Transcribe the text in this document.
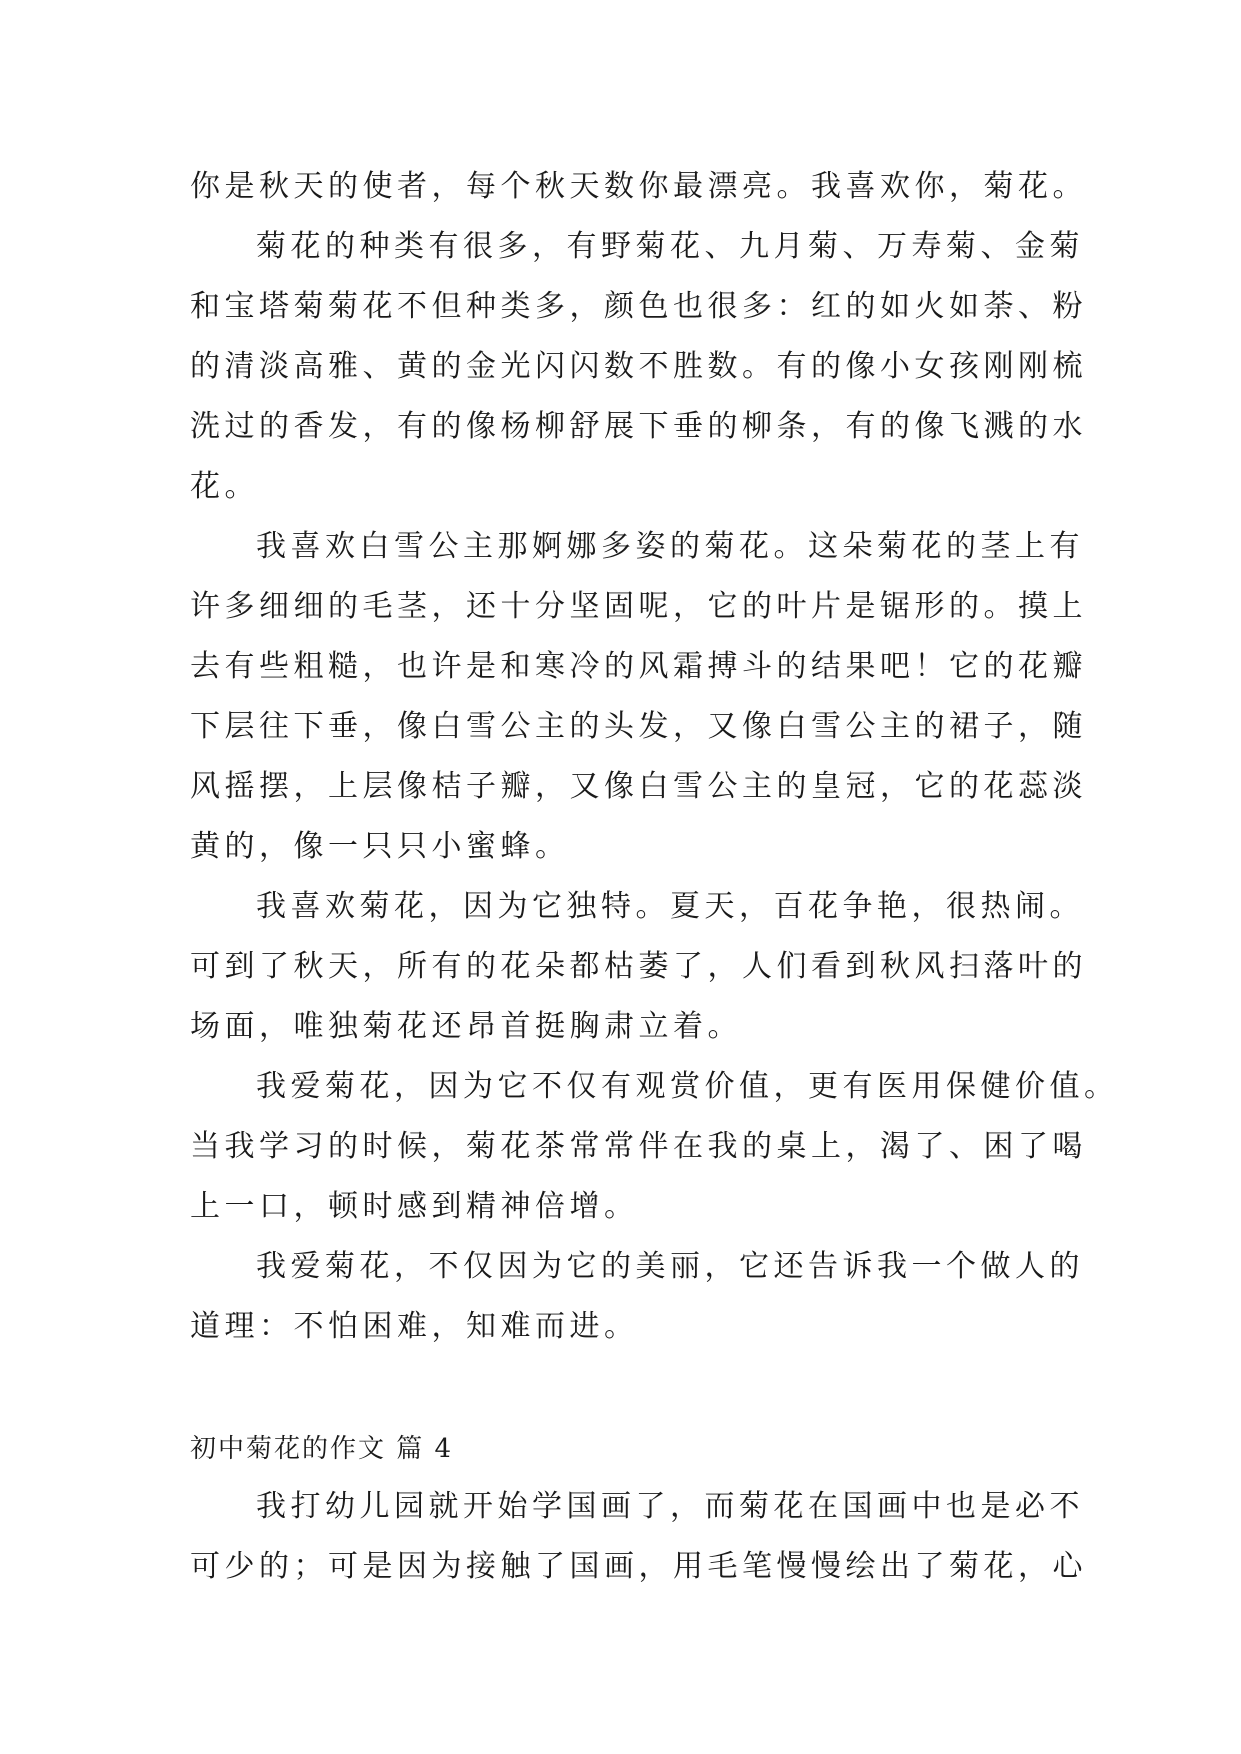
你是秋天的使者，每个秋天数你最漂亮。我喜欢你，菊花。
菊花的种类有很多，有野菊花、九月菊、万寿菊、金菊
和宝塔菊菊花不但种类多，颜色也很多：红的如火如荼、粉
的清淡高雅、黄的金光闪闪数不胜数。有的像小女孩刚刚梳
洗过的香发，有的像杨柳舒展下垂的柳条，有的像飞溅的水
花。
我喜欢白雪公主那婀娜多姿的菊花。这朵菊花的茎上有
许多细细的毛茎，还十分坚固呢，它的叶片是锯形的。摸上
去有些粗糙，也许是和寒冷的风霜搏斗的结果吧！它的花瓣
下层往下垂，像白雪公主的头发，又像白雪公主的裙子，随
风摇摆，上层像桔子瓣，又像白雪公主的皇冠，它的花蕊淡
黄的，像一只只小蜜蜂。
我喜欢菊花，因为它独特。夏天，百花争艳，很热闹。
可到了秋天，所有的花朵都枯萎了，人们看到秋风扫落叶的
场面，唯独菊花还昂首挺胸肃立着。
我爱菊花，因为它不仅有观赏价值，更有医用保健价值。
当我学习的时候，菊花茶常常伴在我的桌上，渴了、困了喝
上一口，顿时感到精神倍增。
我爱菊花，不仅因为它的美丽，它还告诉我一个做人的
道理：不怕困难，知难而进。
初中菊花的作文 篇 4
我打幼儿园就开始学国画了，而菊花在国画中也是必不
可少的；可是因为接触了国画，用毛笔慢慢绘出了菊花，心
